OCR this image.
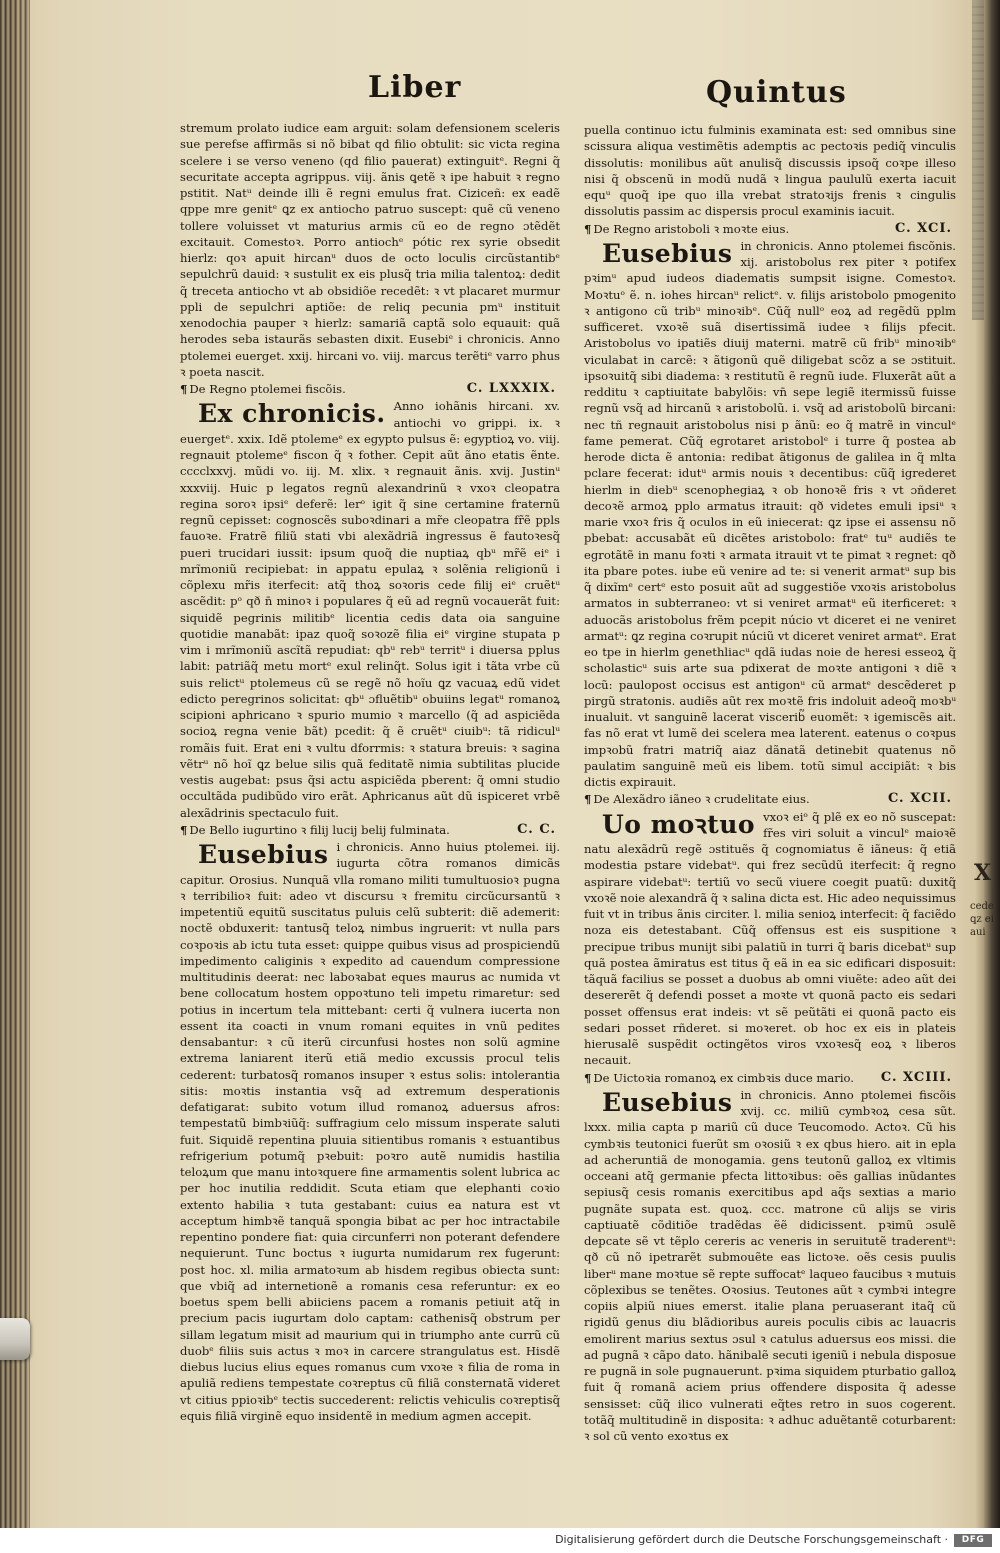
Liber	Quintus

stremum prolato iudice eam arguit: solam defensionem sceleris sue perefse affirmãs si nõ bibat qd filio obtulit: sic victa regina scelere i se verso veneno (qd filio pauerat) extinguitᵉ. Regni q̃ securitate accepta agrippus. viij. ãnis ꝗetẽ ꝛ ipe habuit ꝛ regno pstitit. Natᵘ deinde illi ẽ regni emulus frat. Ciziceñ: ex eadẽ qppe mre genitᵉ ꝗz ex antiocho patruo suscept: quẽ cũ veneno tollere voluisset vt maturius armis cũ eo de regno ɔtẽdẽt excitauit. Comestoꝛ. Porro antiochᵉ pótic rex syrie obsedit hierlz: qoꝛ apuit hircanᵘ duos de octo loculis circũstantibᵉ sepulchrũ dauid: ꝛ sustulit ex eis plusq̃ tria milia talentoꝝ: dedit q̃ treceta antiocho vt ab obsidiõe recedẽt: ꝛ vt placaret murmur ppli de sepulchri aptiõe: de reliq pecunia pmᵘ instituit xenodochia pauper ꝛ hierlz: samariã captã solo equauit: quã herodes seba istaurãs sebasten dixit. Eusebiᵉ i chronicis. Anno ptolemei euerget. xxij. hircani vo. viij. marcus terẽtiᵉ varro phus ꝛ poeta nascit.

¶ De Regno ptolemei fiscõis.	C. LXXXIX.

Ex chronicis. Anno iohãnis hircani. xv. antiochi vo grippi. ix. ꝛ euergetᵉ. xxix. Idẽ ptolemeᵉ ex egypto pulsus ẽ: egyptioꝝ vo. viij. regnauit ptolemeᵉ fiscon q̃ ꝛ fother. Cepit aũt ãno etatis ẽnte. cccclxxvj. mũdi vo. iij. M. xlix. ꝛ regnauit ãnis. xvij. Justinᵘ xxxviij. Huic p legatos regnũ alexandrinũ ꝛ vxoꝛ cleopatra regina soroꝛ ipsiᵉ deferẽ: lerᵒ igit q̃ sine certamine fraternũ regnũ cepisset: cognoscẽs suboꝛdinari a mr̃e cleopatra fr̃ẽ ppls fauoꝛe. Fratrẽ filiũ stati vbi alexãdriã ingressus ẽ fautoꝛesq̃ pueri trucidari iussit: ipsum quoq̃ die nuptiaꝝ qbᵘ mr̃ẽ eiᵉ i mrĩmoniũ recipiebat: in appatu epulaꝝ ꝛ solẽnia religionũ i cõplexu mr̃is iterfecit: atq̃ thoꝝ soꝛoris cede filij eiᵉ cruẽtᵘ ascẽdit: pᵒ qð n̄ minoꝛ i populares q̃ eũ ad regnũ vocauerãt fuit: siquidẽ pegrinis militibᵉ licentia cedis data oia sanguine quotidie manabãt: ipaz quoq̃ soꝛozẽ filia eiᵉ virgine stupata p vim i mrĩmoniũ ascĩtã repudiat: qbᵘ rebᵘ territᵘ i diuersa pplus labit: patriãq̃ metu mortᵉ exul relinq̃t. Solus igit i tãta vrbe cũ suis relictᵘ ptolemeus cũ se regẽ nõ hoĩu ꝗz vacuaꝝ edũ videt edicto peregrinos solicitat: qbᵘ ɔfluẽtibᵘ obuiins legatᵘ romanoꝝ scipioni aphricano ꝛ spurio mumio ꝛ marcello (q̃ ad aspiciẽda socioꝝ regna venie bãt) pcedit: q̃ ẽ cruẽtᵘ ciuibᵘ: tã ridiculᵘ romãis fuit. Erat eni ꝛ vultu dforrmis: ꝛ statura breuis: ꝛ sagina vẽtrᵘ nõ hoĩ ꝗz belue silis quã feditatẽ nimia subtilitas plucide vestis augebat: psus q̃si actu aspiciẽda pberent: q̃ omni studio occultãda pudibũdo viro erãt. Aphricanus aũt dũ ispiceret vrbẽ alexãdrinis spectaculo fuit.

¶ De Bello iugurtino ꝛ filij lucij belij fulminata.	C. C.

Eusebius i chronicis. Anno huius ptolemei. iij. iugurta cõtra romanos dimicãs capitur. Orosius. Nunquã vlla romano militi tumultuosioꝛ pugna ꝛ terribilioꝛ fuit: adeo vt discursu ꝛ fremitu circũcursantũ ꝛ impetentiũ equitũ suscitatus puluis celũ subterit: diẽ ademerit: noctẽ obduxerit: tantusq̃ teloꝝ nimbus ingruerit: vt nulla pars coꝛpoꝛis ab ictu tuta esset: quippe quibus visus ad prospiciendũ impedimento caliginis ꝛ expedito ad cauendum compressione multitudinis deerat: nec laboꝛabat eques maurus ac numida vt bene collocatum hostem oppoꝛtuno teli impetu rimaretur: sed potius in incertum tela mittebant: certi q̃ vulnera iucerta non essent ita coacti in vnum romani equites in vnũ pedites densabantur: ꝛ cũ iterũ circunfusi hostes non solũ agmine extrema laniarent iterũ etiã medio excussis procul telis cederent: turbatosq̃ romanos insuper ꝛ estus solis: intolerantia sitis: moꝛtis instantia vsq̃ ad extremum desperationis defatigarat: subito votum illud romanoꝝ aduersus afros: tempestatũ bimbꝛiũq̃: suffragium celo missum insperate saluti fuit. Siquidẽ repentina pluuia sitientibus romanis ꝛ estuantibus refrigerium potumq̃ pꝛebuit: poꝛro autẽ numidis hastilia teloꝝum que manu intoꝛquere fine armamentis solent lubrica ac per hoc inutilia reddidit. Scuta etiam que elephanti coꝛio extento habilia ꝛ tuta gestabant: cuius ea natura est vt acceptum himbꝛẽ tanquã spongia bibat ac per hoc intractabile repentino pondere fiat: quia circunferri non poterant defendere nequierunt. Tunc boctus ꝛ iugurta numidarum rex fugerunt: post hoc. xl. milia armatoꝛum ab hisdem regibus obiecta sunt: que vbiq̃ ad internetionẽ a romanis cesa referuntur: ex eo boetus spem belli abiiciens pacem a romanis petiuit atq̃ in precium pacis iugurtam dolo captam: cathenisq̃ obstrum per sillam legatum misit ad maurium qui in triumpho ante currũ cũ duobᵉ filiis suis actus ꝛ moꝛ in carcere strangulatus est. Hisdẽ diebus lucius elius eques romanus cum vxoꝛe ꝛ filia de roma in apuliã rediens tempestate coꝛreptus cũ filiã consternatã videret vt citius ppioꝛibᵉ tectis succederent: relictis vehiculis coꝛreptisq̃ equis filiã virginẽ equo insidentẽ in medium agmen accepit.

puella continuo ictu fulminis examinata est: sed omnibus sine scissura aliqua vestimẽtis ademptis ac pectoꝛis pediq̃ vinculis dissolutis: monilibus aũt anulisq̃ discussis ipsoq̃ coꝛpe illeso nisi q̃ obscenũ in modũ nudã ꝛ lingua paululũ exerta iacuit equᵘ quoq̃ ipe quo illa vrebat stratoꝛijs frenis ꝛ cingulis dissolutis passim ac dispersis procul examinis iacuit.

¶ De Regno aristoboli ꝛ moꝛte eius.	C. XCI.

Eusebius in chronicis. Anno ptolemei fiscõnis. xij. aristobolus rex piter ꝛ potifex pꝛimᵘ apud iudeos diadematis sumpsit isigne. Comestoꝛ. Moꝛtuᵒ ẽ. n. iohes hircanᵘ relictᵉ. v. filijs aristobolo pmogenito ꝛ antigono cũ tribᵘ minoꝛibᵉ. Cũq̃ nullᵒ eoꝝ ad regẽdũ pplm sufficeret. vxoꝛẽ suã disertissimã iudee ꝛ filijs pfecit. Aristobolus vo ipatiẽs diuij materni. matrẽ cũ fribᵘ minoꝛibᵉ viculabat in carcẽ: ꝛ ãtigonũ quẽ diligebat scõz a se ɔstituit. ipsoꝛuitq̃ sibi diadema: ꝛ restitutũ ẽ regnũ iude. Fluxerãt aũt a redditu ꝛ captiuitate babylõis: vn̄ sepe legiẽ itermissũ fuisse regnũ vsq̃ ad hircanũ ꝛ aristobolũ. i. vsq̃ ad aristobolũ bircani: nec tñ regnauit aristobolus nisi p ãnũ: eo q̃ matrẽ in vinculᵉ fame pemerat. Cũq̃ egrotaret aristobolᵉ i turre q̃ postea ab herode dicta ẽ antonia: redibat ãtigonus de galilea in q̃ mlta pclare fecerat: idutᵘ armis nouis ꝛ decentibus: cũq̃ igrederet hierlm in diebᵘ scenophegiaꝝ ꝛ ob honoꝛẽ fris ꝛ vt ɔñderet decoꝛẽ armoꝝ pplo armatus itrauit: qð videtes emuli ipsiᵘ ꝛ marie vxoꝛ fris q̃ oculos in eũ iniecerat: ꝗz ipse ei assensu nõ pbebat: accusabãt eũ dicẽtes aristobolo: fratᵉ tuᵘ audiẽs te egrotãtẽ in manu foꝛti ꝛ armata itrauit vt te pimat ꝛ regnet: qð ita pbare potes. iube eũ venire ad te: si venerit armatᵘ sup bis q̃ dixĩmᵉ certᵉ esto posuit aũt ad suggestiõe vxoꝛis aristobolus armatos in subterraneo: vt si veniret armatᵘ eũ iterficeret: ꝛ aduocãs aristobolus frẽm pcepit núcio vt diceret ei ne veniret armatᵘ: ꝗz regina coꝛrupit núciũ vt diceret veniret armatᵉ. Erat eo tpe in hierlm genethliacᵘ qdã iudas noie de heresi esseoꝝ q̃ scholasticᵘ suis arte sua pdixerat de moꝛte antigoni ꝛ diẽ ꝛ locũ: paulopost occisus est antigonᵘ cũ armatᵉ descẽderet p pirgũ stratonis. audiẽs aũt rex moꝛtẽ fris indoluit adeoq̃ moꝛbᵘ inualuit. vt sanguinẽ lacerat viscerib᷑ euomẽt: ꝛ igemiscẽs ait. fas nõ erat vt lumẽ dei scelera mea laterent. eatenus o coꝛpus impꝛobũ fratri matriq̃ aiaz dãnatã detinebit quatenus nõ paulatim sanguinẽ meũ eis libem. totũ simul accipiãt: ꝛ bis dictis expirauit.

¶ De Alexãdro iãneo ꝛ crudelitate eius.	C. XCII.

Uo moꝛtuo vxoꝛ eiᵒ q̃ plẽ ex eo nõ suscepat: fr̃es viri soluit a vinculᵉ maioꝛẽ natu alexãdrũ regẽ ɔstituẽs q̃ cognomiatus ẽ iãneus: q̃ etiã modestia pstare videbatᵘ. qui frez secũdũ iterfecit: q̃ regno aspirare videbatᵘ: tertiũ vo secũ viuere coegit puatũ: duxitq̃ vxoꝛẽ noie alexandrã q̃ ꝛ salina dicta est. Hic adeo nequissimus fuit vt in tribus ãnis circiter. l. milia senioꝝ interfecit: q̃ faciẽdo noza eis detestabant. Cũq̃ offensus est eis suspitione ꝛ precipue tribus munijt sibi palatiũ in turri q̃ baris dicebatᵘ sup quã postea ãmiratus est titus q̃ eã in ea sic edificari disposuit: tãquã facilius se posset a duobus ab omni viuẽte: adeo aũt dei desererẽt q̃ defendi posset a moꝛte vt quonã pacto eis sedari posset offensus erat indeis: vt sẽ peũtãti ei quonã pacto eis sedari posset rñderet. si moꝛeret. ob hoc ex eis in plateis hierusalẽ suspẽdit octingẽtos viros vxoꝛesq̃ eoꝝ ꝛ liberos necauit.

¶ De Uictoꝛia romanoꝝ ex cimbꝛis duce mario. C. XCIII.

Eusebius in chronicis. Anno ptolemei fiscõis xvij. cc. miliũ cymbꝛoꝝ cesa sũt. lxxx. milia capta p mariũ cũ duce Teucomodo. Actoꝛ. Cũ his cymbꝛis teutonici fuerũt sm oꝛosiũ ꝛ ex qbus hiero. ait in epla ad acheruntiã de monogamia. gens teutonũ galloꝝ ex vltimis occeani atq̃ germanie pfecta littoꝛibus: oẽs gallias inũdantes sepiusq̃ cesis romanis exercitibus apd aq̃s sextias a mario pugnãte supata est. quoꝝ. ccc. matrone cũ alijs se viris captiuatẽ cõditiõe tradẽdas ẽẽ didicissent. pꝛimũ ɔsulẽ depcate sẽ vt tẽplo cereris ac veneris in seruitutẽ traderentᵘ: qð cũ nõ ipetrarẽt submouẽte eas lictoꝛe. oẽs cesis puulis liberᵘ mane moꝛtue sẽ repte suffocatᵉ laqueo faucibus ꝛ mutuis cõplexibus se tenẽtes. Oꝛosius. Teutones aũt ꝛ cymbꝛi integre copiis alpiũ niues emerst. italie plana peruaserant itaq̃ cũ rigidũ genus diu blãdioribus aureis poculis cibis ac lauacris emolirent marius sextus ɔsul ꝛ catulus aduersus eos missi. die ad pugnã ꝛ cãpo dato. hãnibalẽ secuti igeniũ i nebula disposue re pugnã in sole pugnauerunt. pꝛima siquidem pturbatio galloꝝ fuit q̃ romanã aciem prius offendere disposita q̃ adesse sensisset: cũq̃ ilico vulnerati eq̃tes retro in suos cogerent. totãq̃ multitudinẽ in disposita: ꝛ adhuc aduẽtantẽ coturbarent: ꝛ sol cũ vento exoꝛtus ex

X
cede ꝗz ei aui
Digitalisierung gefördert durch die Deutsche Forschungsgemeinschaft ·	DFG
